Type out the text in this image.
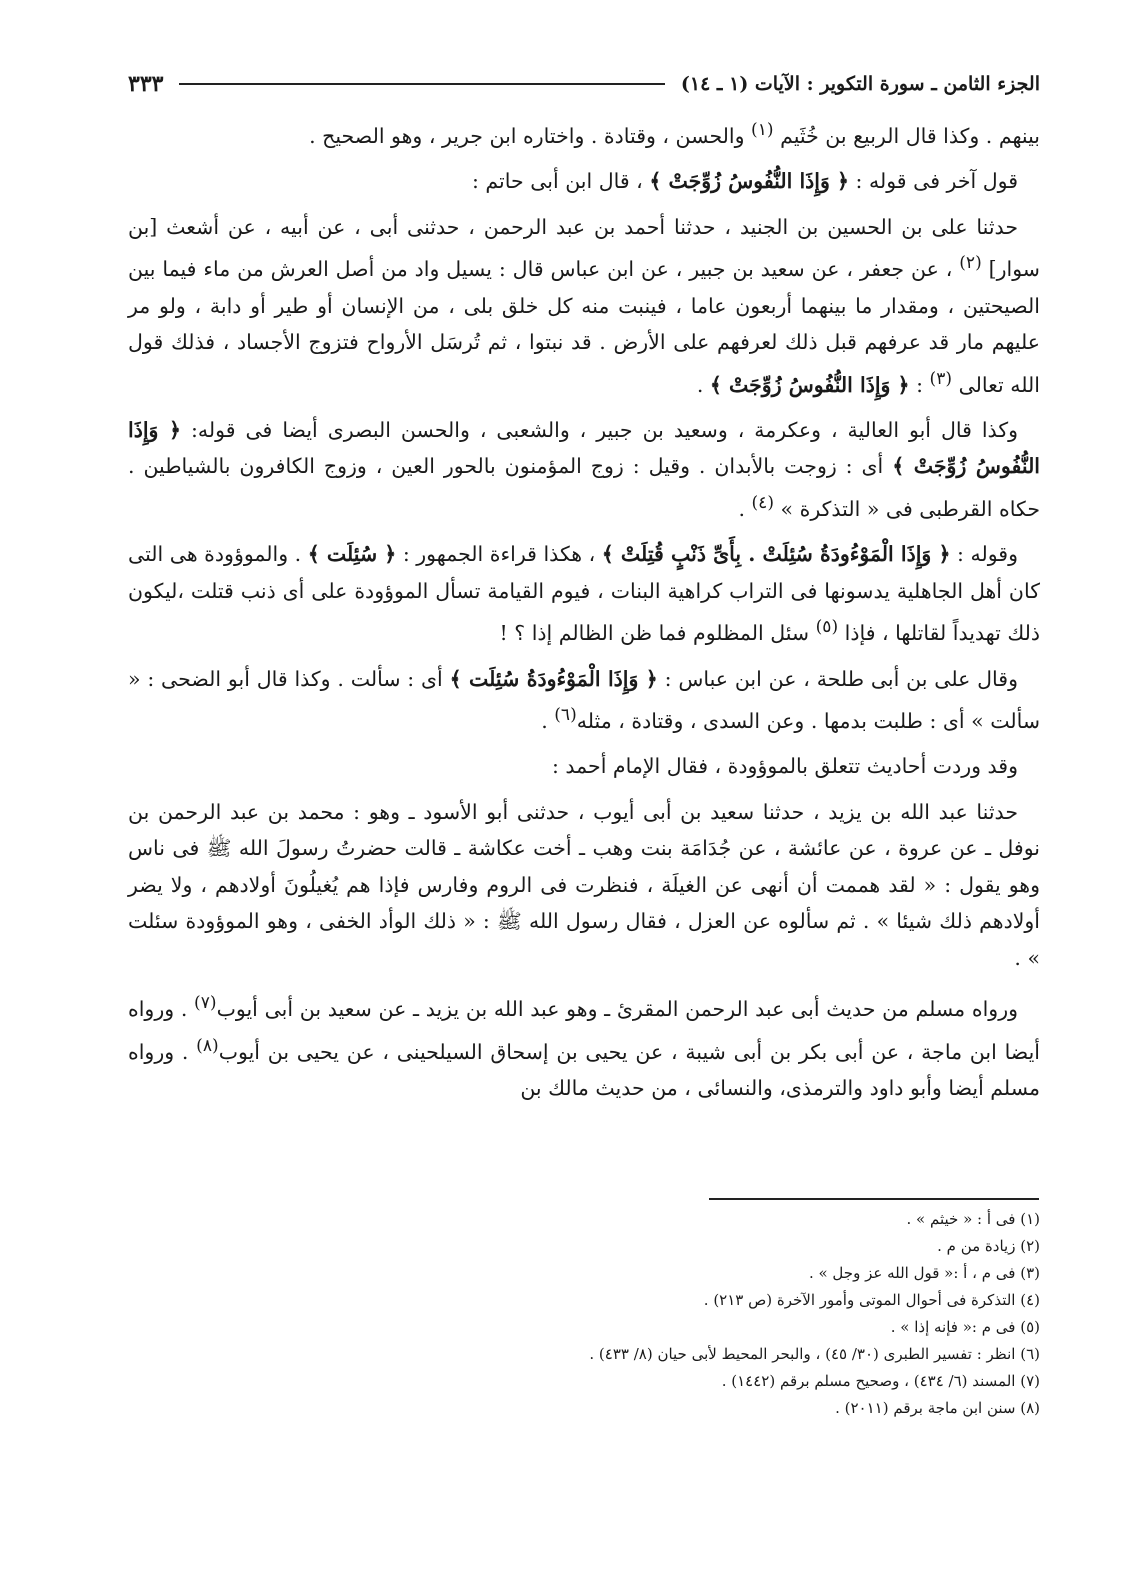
الجزء الثامن ـ سورة التكوير : الآيات (١ ـ ١٤)
٣٣٣

بينهم . وكذا قال الربيع بن خُثَيم $^{(١)}$ والحسن ، وقتادة . واختاره ابن جرير ، وهو الصحيح .

قول آخر فى قوله : ﴿ وَإِذَا النُّفُوسُ زُوِّجَتْ ﴾ ، قال ابن أبى حاتم :

حدثنا على بن الحسين بن الجنيد ، حدثنا أحمد بن عبد الرحمن ، حدثنى أبى ، عن أبيه ، عن أشعث [بن سوار] $^{(٢)}$ ، عن جعفر ، عن سعيد بن جبير ، عن ابن عباس قال : يسيل واد من أصل العرش من ماء فيما بين الصيحتين ، ومقدار ما بينهما أربعون عاما ، فينبت منه كل خلق بلى ، من الإنسان أو طير أو دابة ، ولو مر عليهم مار قد عرفهم قبل ذلك لعرفهم على الأرض . قد نبتوا ، ثم تُرسَل الأرواح فتزوج الأجساد ، فذلك قول الله تعالى $^{(٣)}$ : ﴿ وَإِذَا النُّفُوسُ زُوِّجَتْ ﴾ .

وكذا قال أبو العالية ، وعكرمة ، وسعيد بن جبير ، والشعبى ، والحسن البصرى أيضا فى قوله: ﴿ وَإِذَا النُّفُوسُ زُوِّجَتْ ﴾ أى : زوجت بالأبدان . وقيل : زوج المؤمنون بالحور العين ، وزوج الكافرون بالشياطين . حكاه القرطبى فى « التذكرة » $^{(٤)}$ .

وقوله : ﴿ وَإِذَا الْمَوْءُودَةُ سُئِلَتْ . بِأَىِّ ذَنْبٍ قُتِلَتْ ﴾ ، هكذا قراءة الجمهور : ﴿ سُئِلَت ﴾ . والموؤودة هى التى كان أهل الجاهلية يدسونها فى التراب كراهية البنات ، فيوم القيامة تسأل الموؤودة على أى ذنب قتلت ،ليكون ذلك تهديداً لقاتلها ، فإذا $^{(٥)}$ سئل المظلوم فما ظن الظالم إذا ؟ !

وقال على بن أبى طلحة ، عن ابن عباس : ﴿ وَإِذَا الْمَوْءُودَةُ سُئِلَت ﴾ أى : سألت . وكذا قال أبو الضحى : « سألت » أى : طلبت بدمها . وعن السدى ، وقتادة ، مثله$^{(٦)}$ .

وقد وردت أحاديث تتعلق بالموؤودة ، فقال الإمام أحمد :

حدثنا عبد الله بن يزيد ، حدثنا سعيد بن أبى أيوب ، حدثنى أبو الأسود ـ وهو : محمد بن عبد الرحمن بن نوفل ـ عن عروة ، عن عائشة ، عن جُدَامَة بنت وهب ـ أخت عكاشة ـ قالت حضرتُ رسولَ الله ﷺ فى ناس وهو يقول : « لقد هممت أن أنهى عن الغيلَة ، فنظرت فى الروم وفارس فإذا هم يُغيلُونَ أولادهم ، ولا يضر أولادهم ذلك شيئا » . ثم سألوه عن العزل ، فقال رسول الله ﷺ : « ذلك الوأد الخفى ، وهو الموؤودة سئلت » .

ورواه مسلم من حديث أبى عبد الرحمن المقرئ ـ وهو عبد الله بن يزيد ـ عن سعيد بن أبى أيوب$^{(٧)}$ . ورواه أيضا ابن ماجة ، عن أبى بكر بن أبى شيبة ، عن يحيى بن إسحاق السيلحينى ، عن يحيى بن أيوب$^{(٨)}$ . ورواه مسلم أيضا وأبو داود والترمذى، والنسائى ، من حديث مالك بن

(١) فى أ : « خيثم » .
(٢) زيادة من م .
(٣) فى م ، أ :« قول الله عز وجل » .
(٤) التذكرة فى أحوال الموتى وأمور الآخرة (ص ٢١٣) .
(٥) فى م :« فإنه إذا » .
(٦) انظر : تفسير الطبرى (٣٠/ ٤٥) ، والبحر المحيط لأبى حيان (٨/ ٤٣٣) .
(٧) المسند (٦/ ٤٣٤) ، وصحيح مسلم برقم (١٤٤٢) .
(٨) سنن ابن ماجة برقم (٢٠١١) .
